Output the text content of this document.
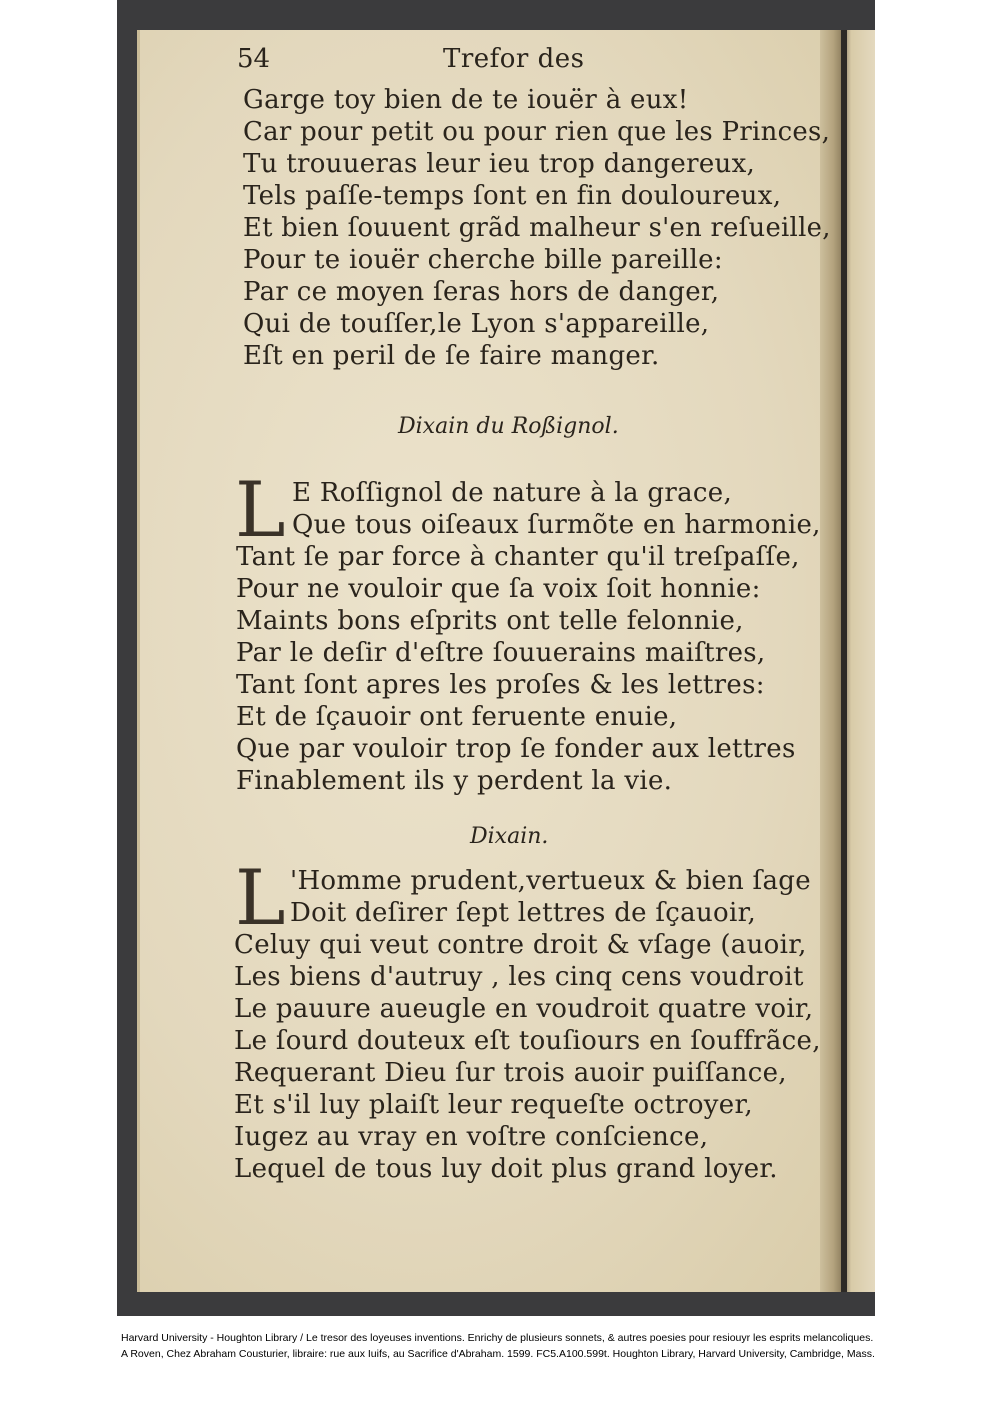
54	Trefor des
Garge toy bien de te iouër à eux!
Car pour petit ou pour rien que les Princes,
Tu trouueras leur ieu trop dangereux,
Tels paſſe-temps ſont en fin douloureux,
Et bien ſouuent grãd malheur s'en reſueille,
Pour te iouër cherche bille pareille:
Par ce moyen ſeras hors de danger,
Qui de touſſer,le Lyon s'appareille,
Eſt en peril de ſe faire manger.
Dixain du Roßignol.
L E Roſſignol de nature à la grace,
Que tous oiſeaux ſurmõte en harmonie,
Tant ſe par force à chanter qu'il treſpaſſe,
Pour ne vouloir que ſa voix ſoit honnie:
Maints bons eſprits ont telle felonnie,
Par le deſir d'eſtre ſouuerains maiſtres,
Tant ſont apres les proſes & les lettres:
Et de ſçauoir ont feruente enuie,
Que par vouloir trop ſe fonder aux lettres
Finablement ils y perdent la vie.
Dixain.
L 'Homme prudent,vertueux & bien ſage
Doit deſirer ſept lettres de ſçauoir,
Celuy qui veut contre droit & vſage (auoir,
Les biens d'autruy , les cinq cens voudroit
Le pauure aueugle en voudroit quatre voir,
Le ſourd douteux eſt touſiours en ſouffrãce,
Requerant Dieu ſur trois auoir puiſſance,
Et s'il luy plaiſt leur requeſte octroyer,
Iugez au vray en voſtre conſcience,
Lequel de tous luy doit plus grand loyer.

Harvard University - Houghton Library / Le tresor des loyeuses inventions. Enrichy de plusieurs sonnets, & autres poesies pour resiouyr les esprits melancoliques.

A Roven, Chez Abraham Cousturier, libraire: rue aux Iuifs, au Sacrifice d'Abraham. 1599. FC5.A100.599t. Houghton Library, Harvard University, Cambridge, Mass.
